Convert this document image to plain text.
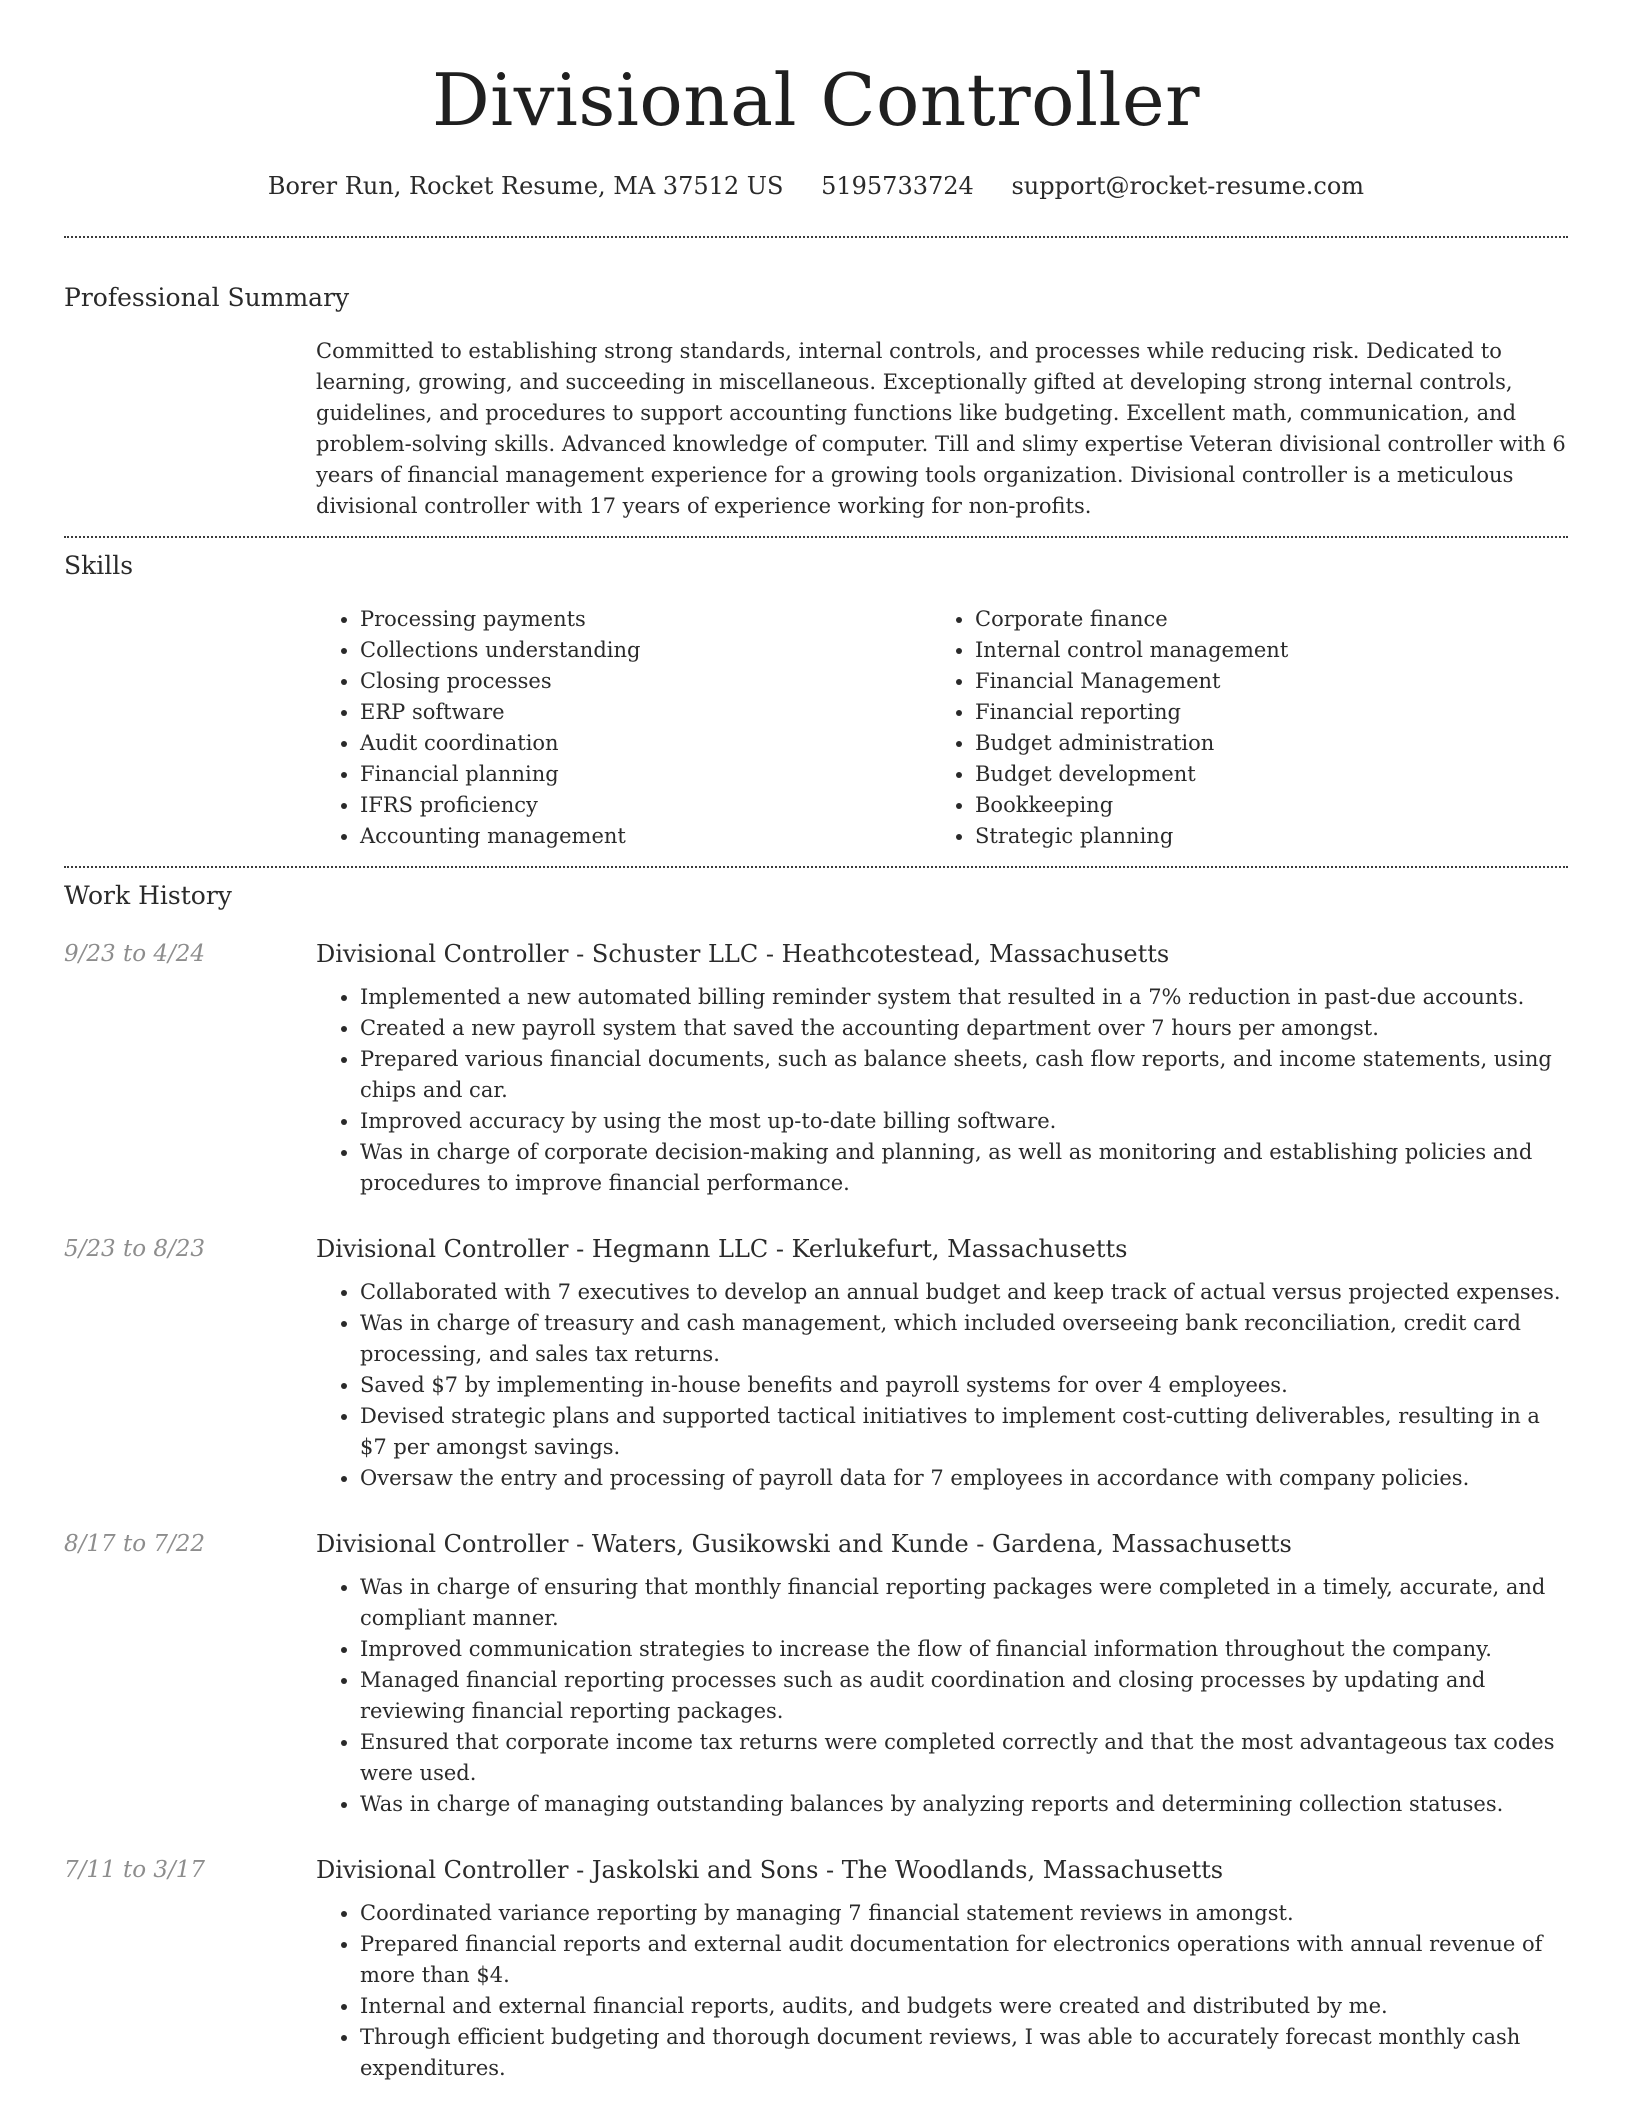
Divisional Controller
Borer Run, Rocket Resume, MA 37512 US 5195733724 support@rocket-resume.com
Professional Summary
Committed to establishing strong standards, internal controls, and processes while reducing risk. Dedicated to learning, growing, and succeeding in miscellaneous. Exceptionally gifted at developing strong internal controls, guidelines, and procedures to support accounting functions like budgeting. Excellent math, communication, and problem-solving skills. Advanced knowledge of computer. Till and slimy expertise Veteran divisional controller with 6 years of financial management experience for a growing tools organization. Divisional controller is a meticulous divisional controller with 17 years of experience working for non-profits.
Skills
• Processing payments
• Collections understanding
• Closing processes
• ERP software
• Audit coordination
• Financial planning
• IFRS proficiency
• Accounting management
• Corporate finance
• Internal control management
• Financial Management
• Financial reporting
• Budget administration
• Budget development
• Bookkeeping
• Strategic planning
Work History
9/23 to 4/24	Divisional Controller - Schuster LLC - Heathcotestead, Massachusetts
• Implemented a new automated billing reminder system that resulted in a 7% reduction in past-due accounts.
• Created a new payroll system that saved the accounting department over 7 hours per amongst.
• Prepared various financial documents, such as balance sheets, cash flow reports, and income statements, using chips and car.
• Improved accuracy by using the most up-to-date billing software.
• Was in charge of corporate decision-making and planning, as well as monitoring and establishing policies and procedures to improve financial performance.
5/23 to 8/23	Divisional Controller - Hegmann LLC - Kerlukefurt, Massachusetts
• Collaborated with 7 executives to develop an annual budget and keep track of actual versus projected expenses.
• Was in charge of treasury and cash management, which included overseeing bank reconciliation, credit card processing, and sales tax returns.
• Saved $7 by implementing in-house benefits and payroll systems for over 4 employees.
• Devised strategic plans and supported tactical initiatives to implement cost-cutting deliverables, resulting in a $7 per amongst savings.
• Oversaw the entry and processing of payroll data for 7 employees in accordance with company policies.
8/17 to 7/22	Divisional Controller - Waters, Gusikowski and Kunde - Gardena, Massachusetts
• Was in charge of ensuring that monthly financial reporting packages were completed in a timely, accurate, and compliant manner.
• Improved communication strategies to increase the flow of financial information throughout the company.
• Managed financial reporting processes such as audit coordination and closing processes by updating and reviewing financial reporting packages.
• Ensured that corporate income tax returns were completed correctly and that the most advantageous tax codes were used.
• Was in charge of managing outstanding balances by analyzing reports and determining collection statuses.
7/11 to 3/17	Divisional Controller - Jaskolski and Sons - The Woodlands, Massachusetts
• Coordinated variance reporting by managing 7 financial statement reviews in amongst.
• Prepared financial reports and external audit documentation for electronics operations with annual revenue of more than $4.
• Internal and external financial reports, audits, and budgets were created and distributed by me.
• Through efficient budgeting and thorough document reviews, I was able to accurately forecast monthly cash expenditures.
